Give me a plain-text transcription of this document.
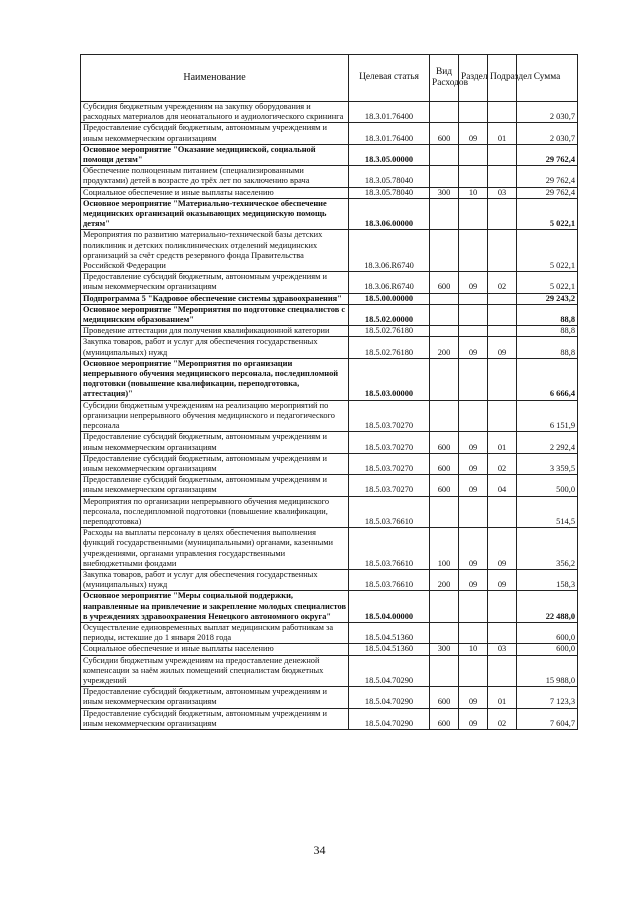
Наименование	Целевая статья	Вид Расходов	Раздел	Подраздел	Сумма
Субсидия бюджетным учреждениям на закупку оборудования и расходных материалов для неонатального и аудиологического скрининга	18.3.01.76400				2 030,7
Предоставление субсидий бюджетным, автономным учреждениям и иным некоммерческим организациям	18.3.01.76400	600	09	01	2 030,7
Основное мероприятие "Оказание медицинской, социальной помощи детям"	18.3.05.00000				29 762,4
Обеспечение полноценным питанием (специализированными продуктами) детей в возрасте до трёх лет по заключению врача	18.3.05.78040				29 762,4
Социальное обеспечение и иные выплаты населению	18.3.05.78040	300	10	03	29 762,4
Основное мероприятие "Материально-техническое обеспечение медицинских организаций оказывающих медицинскую помощь детям"	18.3.06.00000				5 022,1
Мероприятия по развитию материально-технической базы детских поликлиник и детских поликлинических отделений медицинских организаций за счёт средств резервного фонда Правительства Российской Федерации	18.3.06.R6740				5 022,1
Предоставление субсидий бюджетным, автономным учреждениям и иным некоммерческим организациям	18.3.06.R6740	600	09	02	5 022,1
Подпрограмма 5 "Кадровое обеспечение системы здравоохранения"	18.5.00.00000				29 243,2
Основное мероприятие "Мероприятия по подготовке специалистов с медицинским образованием"	18.5.02.00000				88,8
Проведение аттестации для получения квалификационной категории	18.5.02.76180				88,8
Закупка товаров, работ и услуг для обеспечения государственных (муниципальных) нужд	18.5.02.76180	200	09	09	88,8
Основное мероприятие "Мероприятия по организации непрерывного обучения медицинского персонала, последипломной подготовки (повышение квалификации, переподготовка, аттестация)"	18.5.03.00000				6 666,4
Субсидии бюджетным учреждениям на реализацию мероприятий по организации непрерывного обучения медицинского и педагогического персонала	18.5.03.70270				6 151,9
Предоставление субсидий бюджетным, автономным учреждениям и иным некоммерческим организациям	18.5.03.70270	600	09	01	2 292,4
Предоставление субсидий бюджетным, автономным учреждениям и иным некоммерческим организациям	18.5.03.70270	600	09	02	3 359,5
Предоставление субсидий бюджетным, автономным учреждениям и иным некоммерческим организациям	18.5.03.70270	600	09	04	500,0
Мероприятия по организации непрерывного обучения медицинского персонала, последипломной подготовки (повышение квалификации, переподготовка)	18.5.03.76610				514,5
Расходы на выплаты персоналу в целях обеспечения выполнения функций государственными (муниципальными) органами, казенными учреждениями, органами управления государственными внебюджетными фондами	18.5.03.76610	100	09	09	356,2
Закупка товаров, работ и услуг для обеспечения государственных (муниципальных) нужд	18.5.03.76610	200	09	09	158,3
Основное мероприятие "Меры социальной поддержки, направленные на привлечение и закрепление молодых специалистов в учреждениях здравоохранения Ненецкого автономного округа"	18.5.04.00000				22 488,0
Осуществление единовременных выплат медицинским работникам за периоды, истекшие до 1 января 2018 года	18.5.04.51360				600,0
Социальное обеспечение и иные выплаты населению	18.5.04.51360	300	10	03	600,0
Субсидии бюджетным учреждениям на предоставление денежной компенсации за наём жилых помещений специалистам бюджетных учреждений	18.5.04.70290				15 988,0
Предоставление субсидий бюджетным, автономным учреждениям и иным некоммерческим организациям	18.5.04.70290	600	09	01	7 123,3
Предоставление субсидий бюджетным, автономным учреждениям и иным некоммерческим организациям	18.5.04.70290	600	09	02	7 604,7
34
